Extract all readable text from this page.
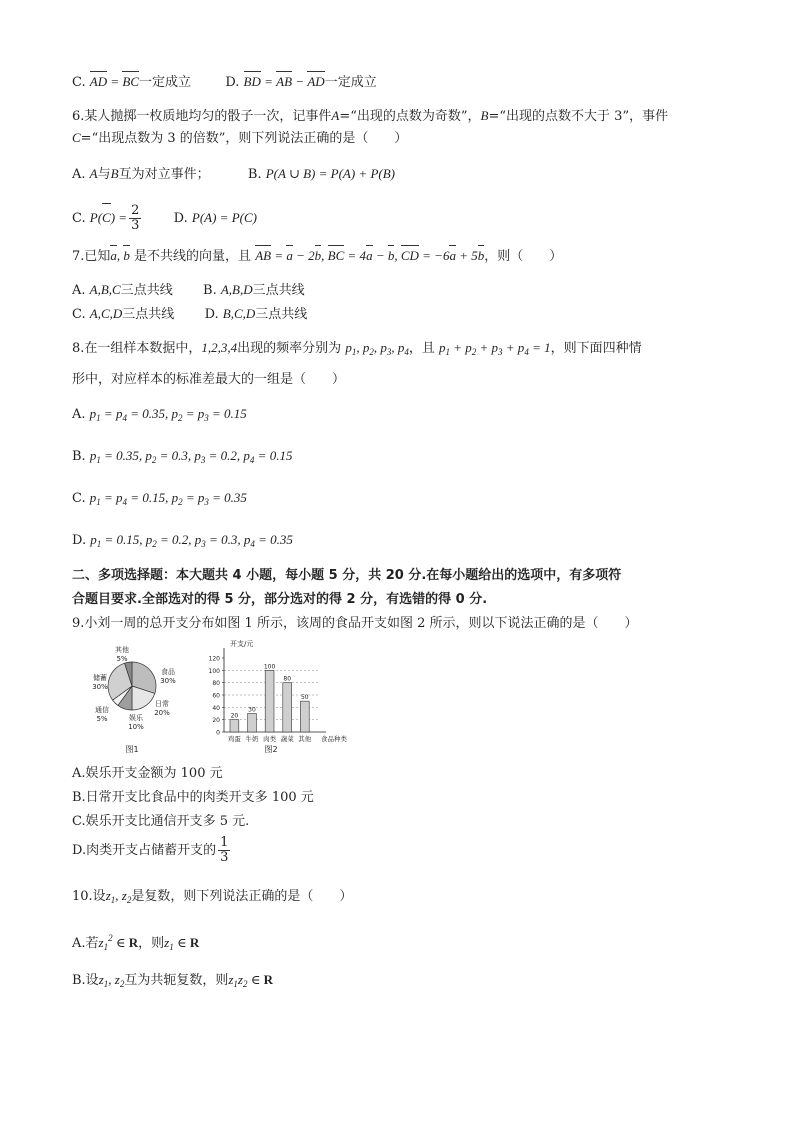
C. AD = BC一定成立	D. BD = AB − AD一定成立
6.某人抛掷一枚质地均匀的骰子一次，记事件A=“出现的点数为奇数”，B=“出现的点数不大于 3”，事件
C=“出现点数为 3 的倍数”，则下列说法正确的是（　　）
A. A与B互为对立事件；	B. P(A ∪ B) = P(A) + P(B)
C. $P(C) = \frac{2}{3} D$. P(A) = P(C)
7.已知a, b 是不共线的向量，且 AB = a − 2b, BC = 4a − b, CD = −6a + 5b，则（　　）
A. A,B,C三点共线 B. A,B,D三点共线
C. A,C,D三点共线 D. B,C,D三点共线
8.在一组样本数据中，1,2,3,4出现的频率分别为 $p_1$, $p_2$, $p_3$, $p_4$，且 $p_1 + p_2 + p_3 + p_4 = 1$，则下面四种情
形中，对应样本的标准差最大的一组是（　　）
A. $p_1 = p_4 = 0.35$, $p_2 = p_3 = 0.15$
B. $p_1 = 0.35$, $p_2 = 0.3$, $p_3 = 0.2$, $p_4 = 0.15$
C. $p_1 = p_4 = 0.15$, $p_2 = p_3 = 0.35$
D. $p_1 = 0.15$, $p_2 = 0.2$, $p_3 = 0.3$, $p_4 = 0.35$
二、多项选择题：本大题共 4 小题，每小题 5 分，共 20 分.在每小题给出的选项中，有多项符
合题目要求.全部选对的得 5 分，部分选对的得 2 分，有选错的得 0 分.
9.小刘一周的总开支分布如图 1 所示，该周的食品开支如图 2 所示，则以下说法正确的是（　　）
食品
30%
日常
20%
娱乐
10%
通信
5%
储蓄
30%
其他
5%
图1
开支/元
0
20
40
60
80
100
120
20
鸡蛋
30
牛奶
100
肉类
80
蔬菜
50
其他 食品种类
图2
A.娱乐开支金额为 100 元
B.日常开支比食品中的肉类开支多 100 元
C.娱乐开支比通信开支多 5 元.
D.肉类开支占储蓄开支的 $\frac{1}{3}$
10.设$z_1$, $z_2$是复数，则下列说法正确的是（　　）
A.若$z_1^2$ ∈ R，则$z_1$ ∈ R
B.设$z_1$, $z_2$互为共轭复数，则$z_1z_2$ ∈ R
